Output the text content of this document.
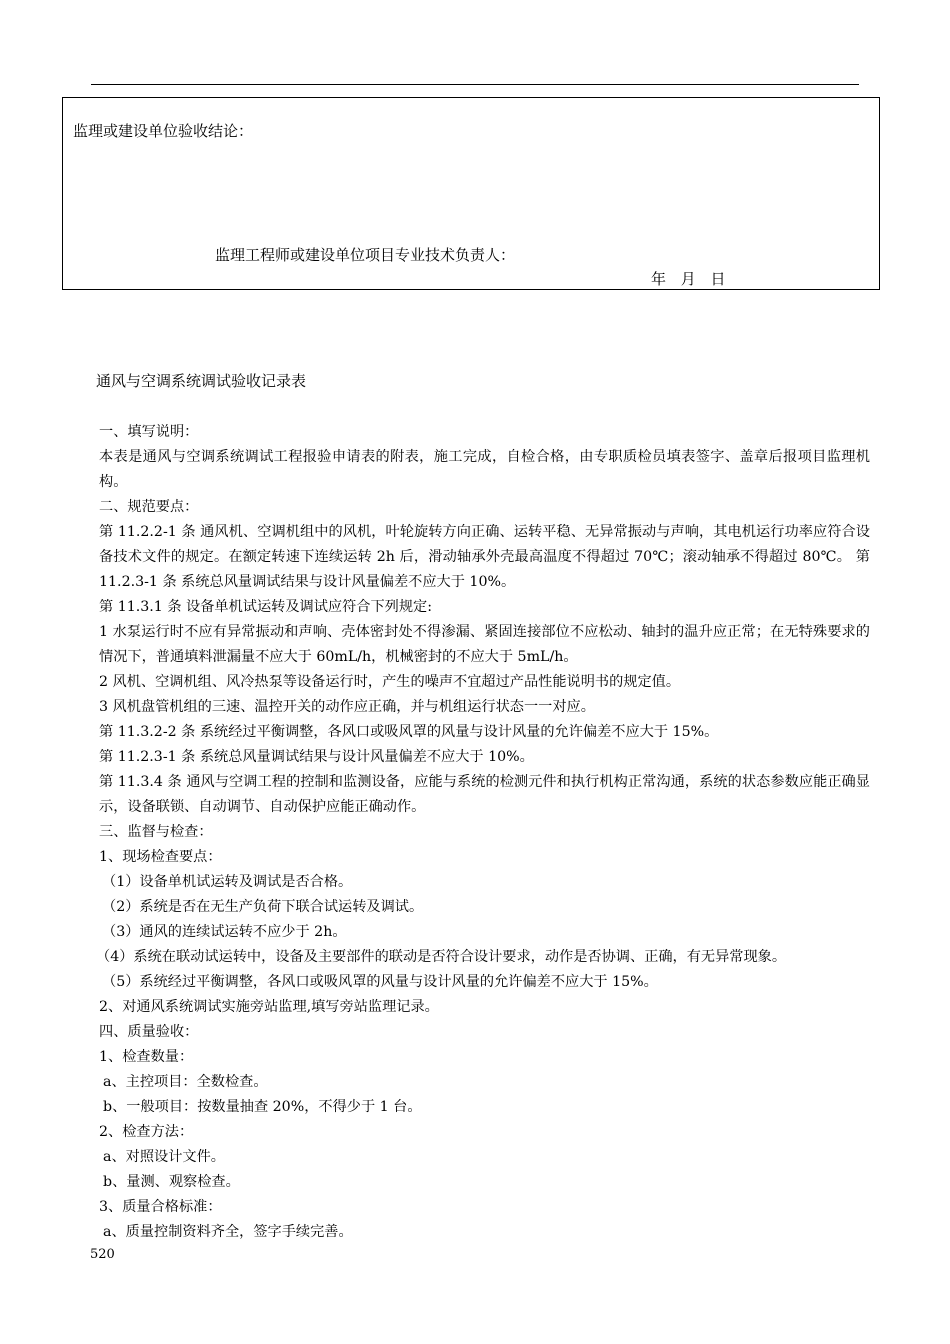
监理或建设单位验收结论：
监理工程师或建设单位项目专业技术负责人：
年 月 日
通风与空调系统调试验收记录表

一、填写说明：

本表是通风与空调系统调试工程报验申请表的附表，施工完成，自检合格，由专职质检员填表签字、盖章后报项目监理机构。

二、规范要点：

第 11.2.2-1 条 通风机、空调机组中的风机，叶轮旋转方向正确、运转平稳、无异常振动与声响，其电机运行功率应符合设备技术文件的规定。在额定转速下连续运转 2h 后，滑动轴承外壳最高温度不得超过 70℃；滚动轴承不得超过 80℃。 第 11.2.3-1 条 系统总风量调试结果与设计风量偏差不应大于 10%。

第 11.3.1 条 设备单机试运转及调试应符合下列规定:

1 水泵运行时不应有异常振动和声响、壳体密封处不得渗漏、紧固连接部位不应松动、轴封的温升应正常；在无特殊要求的情况下，普通填料泄漏量不应大于 60mL/h，机械密封的不应大于 5mL/h。

2 风机、空调机组、风冷热泵等设备运行时，产生的噪声不宜超过产品性能说明书的规定值。

3 风机盘管机组的三速、温控开关的动作应正确，并与机组运行状态一一对应。

第 11.3.2-2 条 系统经过平衡调整，各风口或吸风罩的风量与设计风量的允许偏差不应大于 15%。

第 11.2.3-1 条 系统总风量调试结果与设计风量偏差不应大于 10%。

第 11.3.4 条 通风与空调工程的控制和监测设备，应能与系统的检测元件和执行机构正常沟通，系统的状态参数应能正确显示，设备联锁、自动调节、自动保护应能正确动作。

三、监督与检查：

1、现场检查要点：

（1）设备单机试运转及调试是否合格。

（2）系统是否在无生产负荷下联合试运转及调试。

（3）通风的连续试运转不应少于 2h。

（4）系统在联动试运转中，设备及主要部件的联动是否符合设计要求，动作是否协调、正确，有无异常现象。

（5）系统经过平衡调整，各风口或吸风罩的风量与设计风量的允许偏差不应大于 15%。

2、对通风系统调试实施旁站监理,填写旁站监理记录。

四、质量验收：

1、检查数量：

a、主控项目：全数检查。

b、一般项目：按数量抽查 20%，不得少于 1 台。

2、检查方法：

a、对照设计文件。

b、量测、观察检查。

3、质量合格标准：

a、质量控制资料齐全，签字手续完善。

520
